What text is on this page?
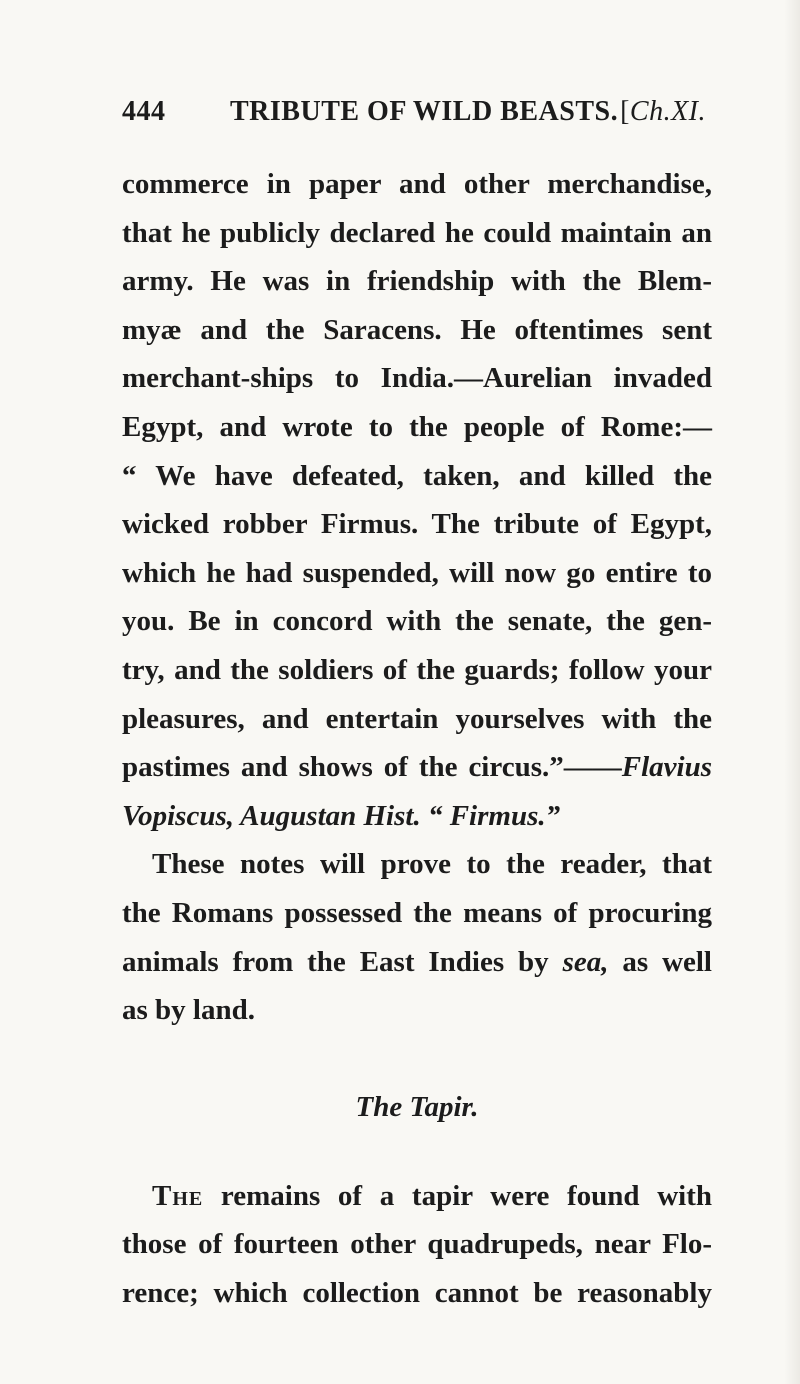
444 TRIBUTE OF WILD BEASTS. [Ch.XI.
commerce in paper and other merchandise,
that he publicly declared he could maintain an
army. He was in friendship with the Blem-
myæ and the Saracens. He oftentimes sent
merchant-ships to India.—Aurelian invaded
Egypt, and wrote to the people of Rome:—
“ We have defeated, taken, and killed the
wicked robber Firmus. The tribute of Egypt,
which he had suspended, will now go entire to
you. Be in concord with the senate, the gen-
try, and the soldiers of the guards; follow your
pleasures, and entertain yourselves with the
pastimes and shows of the circus.”——Flavius
Vopiscus, Augustan Hist. “ Firmus.”
These notes will prove to the reader, that
the Romans possessed the means of procuring
animals from the East Indies by sea, as well
as by land.
The Tapir.
The remains of a tapir were found with
those of fourteen other quadrupeds, near Flo-
rence; which collection cannot be reasonably
